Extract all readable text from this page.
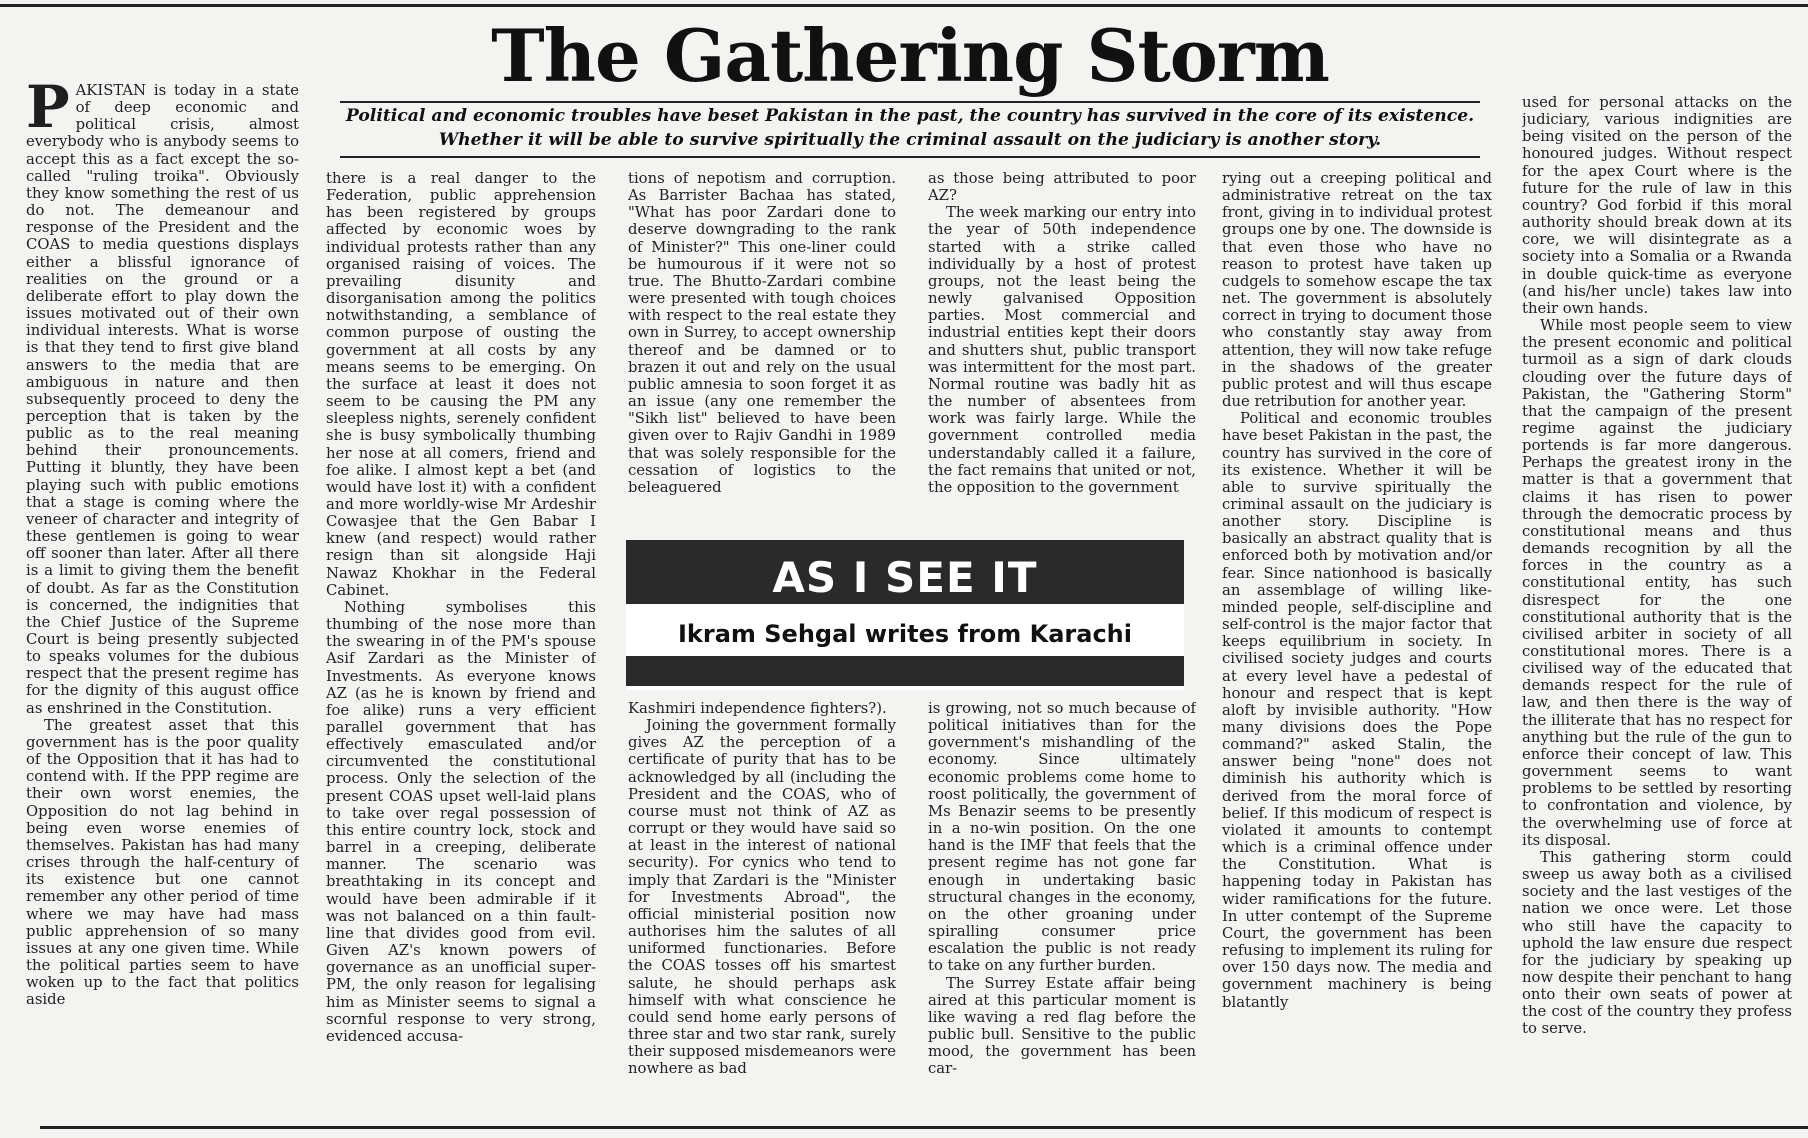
The Gathering Storm

Political and economic troubles have beset Pakistan in the past, the country has survived in the core of its existence. Whether it will be able to survive spiritually the criminal assault on the judiciary is another story.

P AKISTAN is today in a state of deep economic and political crisis, almost everybody who is anybody seems to accept this as a fact except the so-called "ruling troika". Obviously they know something the rest of us do not. The demeanour and response of the President and the COAS to media questions displays either a blissful ignorance of realities on the ground or a deliberate effort to play down the issues motivated out of their own individual interests. What is worse is that they tend to first give bland answers to the media that are ambiguous in nature and then subsequently proceed to deny the perception that is taken by the public as to the real meaning behind their pronouncements. Putting it bluntly, they have been playing such with public emotions that a stage is coming where the veneer of character and integrity of these gentlemen is going to wear off sooner than later. After all there is a limit to giving them the benefit of doubt. As far as the Constitution is concerned, the indignities that the Chief Justice of the Supreme Court is being presently subjected to speaks volumes for the dubious respect that the present regime has for the dignity of this august office as enshrined in the Constitution.

The greatest asset that this government has is the poor quality of the Opposition that it has had to contend with. If the PPP regime are their own worst enemies, the Opposition do not lag behind in being even worse enemies of themselves. Pakistan has had many crises through the half-century of its existence but one cannot remember any other period of time where we may have had mass public apprehension of so many issues at any one given time. While the political parties seem to have woken up to the fact that politics aside

there is a real danger to the Federation, public apprehension has been registered by groups affected by economic woes by individual protests rather than any organised raising of voices. The prevailing disunity and disorganisation among the politics notwithstanding, a semblance of common purpose of ousting the government at all costs by any means seems to be emerging. On the surface at least it does not seem to be causing the PM any sleepless nights, serenely confident she is busy symbolically thumbing her nose at all comers, friend and foe alike. I almost kept a bet (and would have lost it) with a confident and more worldly-wise Mr Ardeshir Cowasjee that the Gen Babar I knew (and respect) would rather resign than sit alongside Haji Nawaz Khokhar in the Federal Cabinet.

Nothing symbolises this thumbing of the nose more than the swearing in of the PM's spouse Asif Zardari as the Minister of Investments. As everyone knows AZ (as he is known by friend and foe alike) runs a very efficient parallel government that has effectively emasculated and/or circumvented the constitutional process. Only the selection of the present COAS upset well-laid plans to take over regal possession of this entire country lock, stock and barrel in a creeping, deliberate manner. The scenario was breathtaking in its concept and would have been admirable if it was not balanced on a thin fault-line that divides good from evil. Given AZ's known powers of governance as an unofficial super-PM, the only reason for legalising him as Minister seems to signal a scornful response to very strong, evidenced accusa-

tions of nepotism and corruption. As Barrister Bachaa has stated, "What has poor Zardari done to deserve downgrading to the rank of Minister?" This one-liner could be humourous if it were not so true. The Bhutto-Zardari combine were presented with tough choices with respect to the real estate they own in Surrey, to accept ownership thereof and be damned or to brazen it out and rely on the usual public amnesia to soon forget it as an issue (any one remember the "Sikh list" believed to have been given over to Rajiv Gandhi in 1989 that was solely responsible for the cessation of logistics to the beleaguered

as those being attributed to poor AZ?

The week marking our entry into the year of 50th independence started with a strike called individually by a host of protest groups, not the least being the newly galvanised Opposition parties. Most commercial and industrial entities kept their doors and shutters shut, public transport was intermittent for the most part. Normal routine was badly hit as the number of absentees from work was fairly large. While the government controlled media understandably called it a failure, the fact remains that united or not, the opposition to the government

AS I SEE IT
Ikram Sehgal writes from Karachi

Kashmiri independence fighters?).

Joining the government formally gives AZ the perception of a certificate of purity that has to be acknowledged by all (including the President and the COAS, who of course must not think of AZ as corrupt or they would have said so at least in the interest of national security). For cynics who tend to imply that Zardari is the "Minister for Investments Abroad", the official ministerial position now authorises him the salutes of all uniformed functionaries. Before the COAS tosses off his smartest salute, he should perhaps ask himself with what conscience he could send home early persons of three star and two star rank, surely their supposed misdemeanors were nowhere as bad

is growing, not so much because of political initiatives than for the government's mishandling of the economy. Since ultimately economic problems come home to roost politically, the government of Ms Benazir seems to be presently in a no-win position. On the one hand is the IMF that feels that the present regime has not gone far enough in undertaking basic structural changes in the economy, on the other groaning under spiralling consumer price escalation the public is not ready to take on any further burden.

The Surrey Estate affair being aired at this particular moment is like waving a red flag before the public bull. Sensitive to the public mood, the government has been car-

rying out a creeping political and administrative retreat on the tax front, giving in to individual protest groups one by one. The downside is that even those who have no reason to protest have taken up cudgels to somehow escape the tax net. The government is absolutely correct in trying to document those who constantly stay away from attention, they will now take refuge in the shadows of the greater public protest and will thus escape due retribution for another year.

Political and economic troubles have beset Pakistan in the past, the country has survived in the core of its existence. Whether it will be able to survive spiritually the criminal assault on the judiciary is another story. Discipline is basically an abstract quality that is enforced both by motivation and/or fear. Since nationhood is basically an assemblage of willing like-minded people, self-discipline and self-control is the major factor that keeps equilibrium in society. In civilised society judges and courts at every level have a pedestal of honour and respect that is kept aloft by invisible authority. "How many divisions does the Pope command?" asked Stalin, the answer being "none" does not diminish his authority which is derived from the moral force of belief. If this modicum of respect is violated it amounts to contempt which is a criminal offence under the Constitution. What is happening today in Pakistan has wider ramifications for the future. In utter contempt of the Supreme Court, the government has been refusing to implement its ruling for over 150 days now. The media and government machinery is being blatantly

used for personal attacks on the judiciary, various indignities are being visited on the person of the honoured judges. Without respect for the apex Court where is the future for the rule of law in this country? God forbid if this moral authority should break down at its core, we will disintegrate as a society into a Somalia or a Rwanda in double quick-time as everyone (and his/her uncle) takes law into their own hands.

While most people seem to view the present economic and political turmoil as a sign of dark clouds clouding over the future days of Pakistan, the "Gathering Storm" that the campaign of the present regime against the judiciary portends is far more dangerous. Perhaps the greatest irony in the matter is that a government that claims it has risen to power through the democratic process by constitutional means and thus demands recognition by all the forces in the country as a constitutional entity, has such disrespect for the one constitutional authority that is the civilised arbiter in society of all constitutional mores. There is a civilised way of the educated that demands respect for the rule of law, and then there is the way of the illiterate that has no respect for anything but the rule of the gun to enforce their concept of law. This government seems to want problems to be settled by resorting to confrontation and violence, by the overwhelming use of force at its disposal.

This gathering storm could sweep us away both as a civilised society and the last vestiges of the nation we once were. Let those who still have the capacity to uphold the law ensure due respect for the judiciary by speaking up now despite their penchant to hang onto their own seats of power at the cost of the country they profess to serve.
